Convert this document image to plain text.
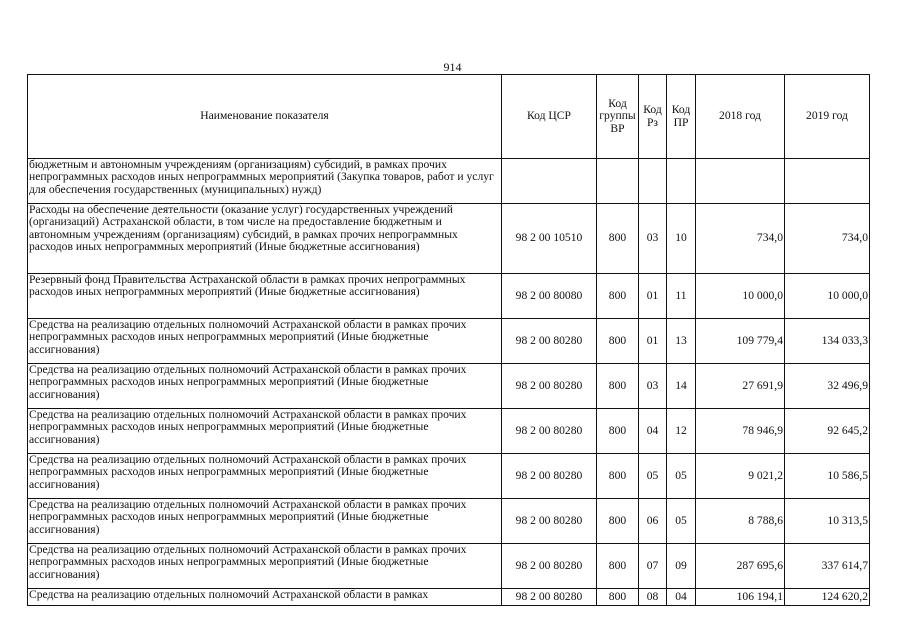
914
Наименование показателя	Код ЦСР	Код группы ВР	Код Рз	Код ПР	2018 год	2019 год
бюджетным и автономным учреждениям (организациям) субсидий, в рамках прочих непрограммных расходов иных непрограммных мероприятий (Закупка товаров, работ и услуг для обеспечения государственных (муниципальных) нужд)						
Расходы на обеспечение деятельности (оказание услуг) государственных учреждений (организаций) Астраханской области, в том числе на предоставление бюджетным и автономным учреждениям (организациям) субсидий, в рамках прочих непрограммных расходов иных непрограммных мероприятий (Иные бюджетные ассигнования)	98 2 00 10510	800	03	10	734,0	734,0
Резервный фонд Правительства Астраханской области в рамках прочих непрограммных расходов иных непрограммных мероприятий (Иные бюджетные ассигнования)	98 2 00 80080	800	01	11	10 000,0	10 000,0
Средства на реализацию отдельных полномочий Астраханской области в рамках прочих непрограммных расходов иных непрограммных мероприятий (Иные бюджетные ассигнования)	98 2 00 80280	800	01	13	109 779,4	134 033,3
Средства на реализацию отдельных полномочий Астраханской области в рамках прочих непрограммных расходов иных непрограммных мероприятий (Иные бюджетные ассигнования)	98 2 00 80280	800	03	14	27 691,9	32 496,9
Средства на реализацию отдельных полномочий Астраханской области в рамках прочих непрограммных расходов иных непрограммных мероприятий (Иные бюджетные ассигнования)	98 2 00 80280	800	04	12	78 946,9	92 645,2
Средства на реализацию отдельных полномочий Астраханской области в рамках прочих непрограммных расходов иных непрограммных мероприятий (Иные бюджетные ассигнования)	98 2 00 80280	800	05	05	9 021,2	10 586,5
Средства на реализацию отдельных полномочий Астраханской области в рамках прочих непрограммных расходов иных непрограммных мероприятий (Иные бюджетные ассигнования)	98 2 00 80280	800	06	05	8 788,6	10 313,5
Средства на реализацию отдельных полномочий Астраханской области в рамках прочих непрограммных расходов иных непрограммных мероприятий (Иные бюджетные ассигнования)	98 2 00 80280	800	07	09	287 695,6	337 614,7
Средства на реализацию отдельных полномочий Астраханской области в рамках	98 2 00 80280	800	08	04	106 194,1	124 620,2
